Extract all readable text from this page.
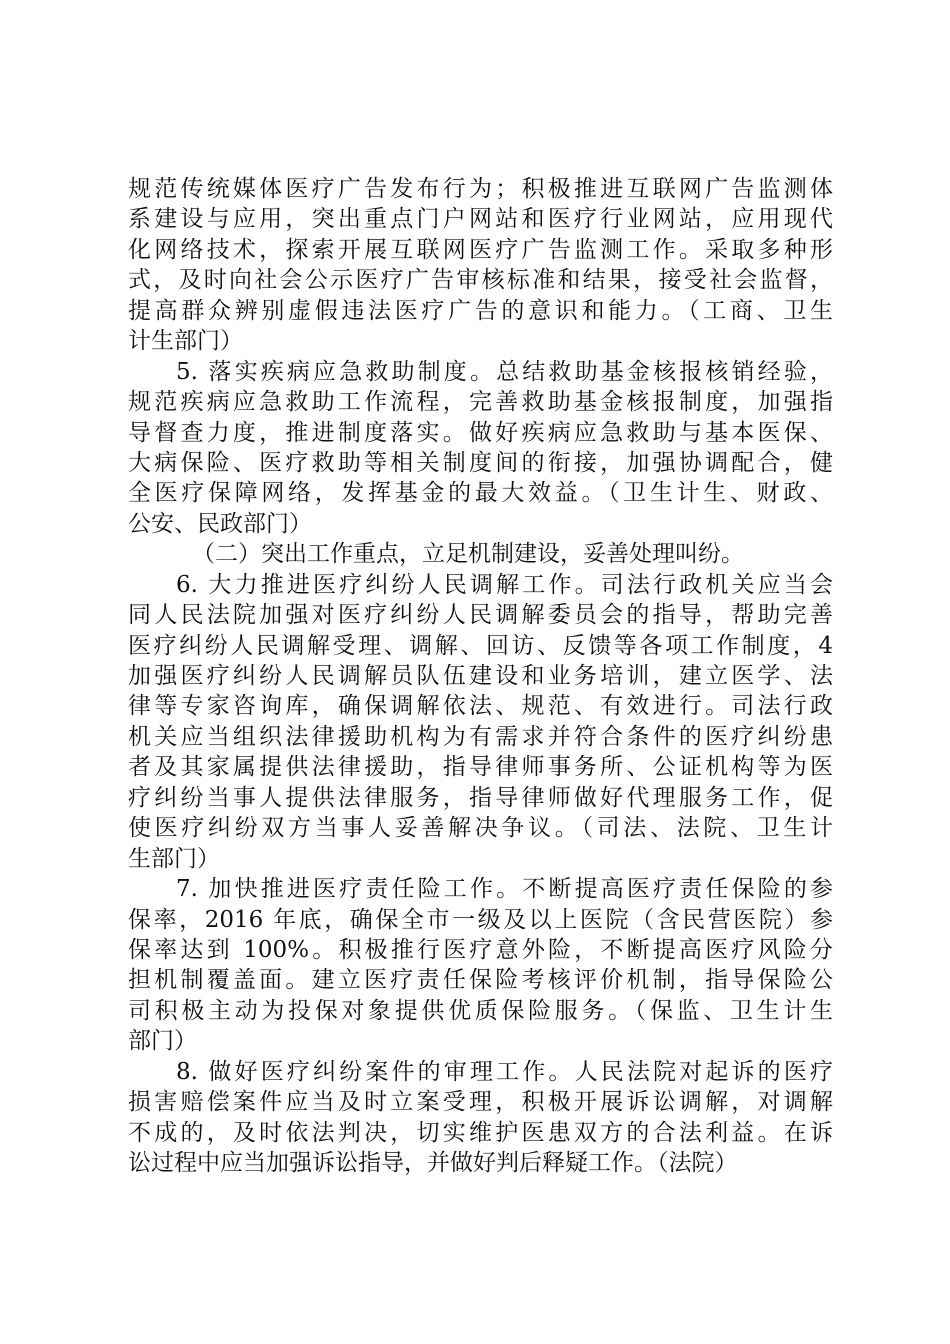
规范传统媒体医疗广告发布行为；积极推进互联网广告监测体
系建设与应用，突出重点门户网站和医疗行业网站，应用现代
化网络技术，探索开展互联网医疗广告监测工作。采取多种形
式，及时向社会公示医疗广告审核标准和结果，接受社会监督，
提高群众辨别虚假违法医疗广告的意识和能力。（工商、卫生
计生部门）
5. 落实疾病应急救助制度。总结救助基金核报核销经验，
规范疾病应急救助工作流程，完善救助基金核报制度，加强指
导督查力度，推进制度落实。做好疾病应急救助与基本医保、
大病保险、医疗救助等相关制度间的衔接，加强协调配合，健
全医疗保障网络，发挥基金的最大效益。（卫生计生、财政、
公安、民政部门）
（二）突出工作重点，立足机制建设，妥善处理叫纷。
6. 大力推进医疗纠纷人民调解工作。司法行政机关应当会
同人民法院加强对医疗纠纷人民调解委员会的指导，帮助完善
医疗纠纷人民调解受理、调解、回访、反馈等各项工作制度，4
加强医疗纠纷人民调解员队伍建设和业务培训，建立医学、法
律等专家咨询库，确保调解依法、规范、有效进行。司法行政
机关应当组织法律援助机构为有需求并符合条件的医疗纠纷患
者及其家属提供法律援助，指导律师事务所、公证机构等为医
疗纠纷当事人提供法律服务，指导律师做好代理服务工作，促
使医疗纠纷双方当事人妥善解决争议。（司法、法院、卫生计
生部门）
7. 加快推进医疗责任险工作。不断提高医疗责任保险的参
保率，2016 年底，确保全市一级及以上医院（含民营医院）参
保率达到 100%。积极推行医疗意外险，不断提高医疗风险分
担机制覆盖面。建立医疗责任保险考核评价机制，指导保险公
司积极主动为投保对象提供优质保险服务。（保监、卫生计生
部门）
8. 做好医疗纠纷案件的审理工作。人民法院对起诉的医疗
损害赔偿案件应当及时立案受理，积极开展诉讼调解，对调解
不成的，及时依法判决，切实维护医患双方的合法利益。在诉
讼过程中应当加强诉讼指导，并做好判后释疑工作。（法院）
